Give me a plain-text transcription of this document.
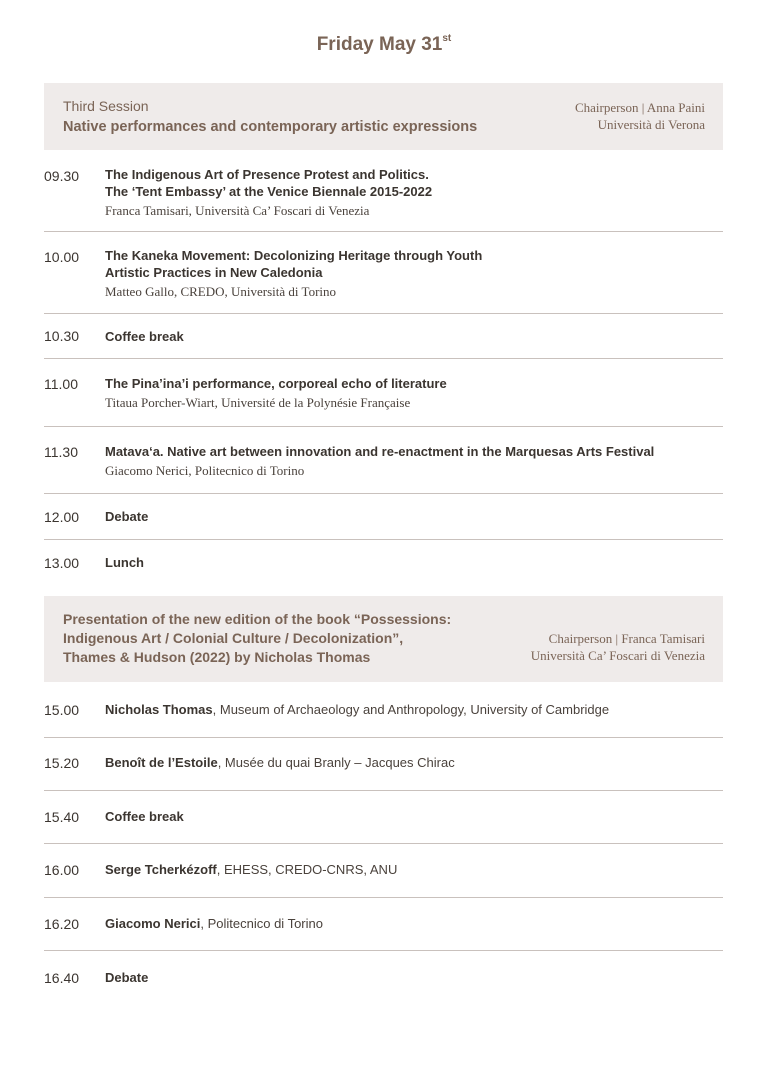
Friday May 31st
Third Session
Native performances and contemporary artistic expressions
Chairperson | Anna Paini
Università di Verona
09.30 The Indigenous Art of Presence Protest and Politics.
The ‘Tent Embassy’ at the Venice Biennale 2015-2022
Franca Tamisari, Università Ca’ Foscari di Venezia
10.00 The Kaneka Movement: Decolonizing Heritage through Youth
Artistic Practices in New Caledonia
Matteo Gallo, CREDO, Università di Torino
10.30 Coffee break
11.00 The Pina’ina’i performance, corporeal echo of literature
Titaua Porcher-Wiart, Université de la Polynésie Française
11.30 Matava‘a. Native art between innovation and re-enactment in the Marquesas Arts Festival
Giacomo Nerici, Politecnico di Torino
12.00 Debate
13.00 Lunch
Presentation of the new edition of the book “Possessions:
Indigenous Art / Colonial Culture / Decolonization”,
Thames & Hudson (2022) by Nicholas Thomas
Chairperson | Franca Tamisari
Università Ca’ Foscari di Venezia
15.00 Nicholas Thomas, Museum of Archaeology and Anthropology, University of Cambridge
15.20 Benoît de l’Estoile, Musée du quai Branly – Jacques Chirac
15.40 Coffee break
16.00 Serge Tcherkézoff, EHESS, CREDO-CNRS, ANU
16.20 Giacomo Nerici, Politecnico di Torino
16.40 Debate
